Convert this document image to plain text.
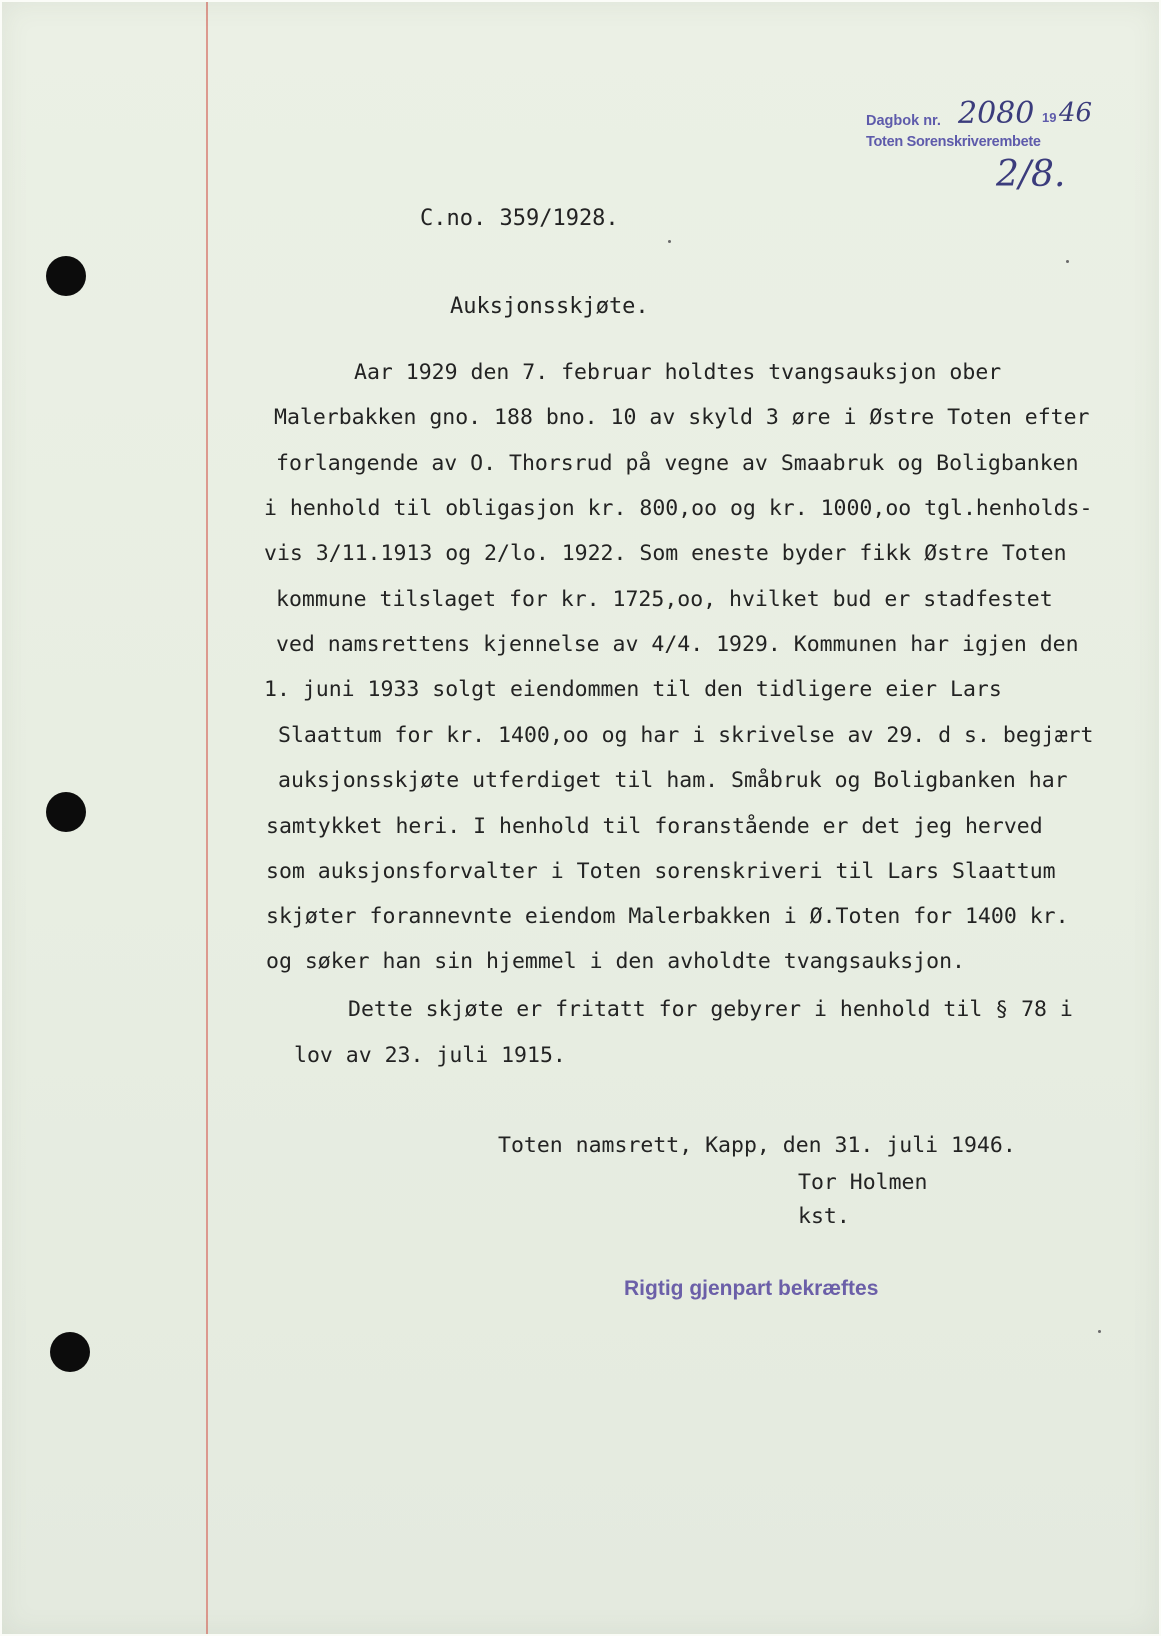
Dagbok nr. 2080 19 46
Toten Sorenskriverembete
2/8.
C.no. 359/1928.
Auksjonsskjøte.
Aar 1929 den 7. februar holdtes tvangsauksjon ober
Malerbakken gno. 188 bno. 10 av skyld 3 øre i Østre Toten efter
forlangende av O. Thorsrud på vegne av Smaabruk og Boligbanken
i henhold til obligasjon kr. 800,oo og kr. 1000,oo tgl.henholds-
vis 3/11.1913 og 2/lo. 1922. Som eneste byder fikk Østre Toten
kommune tilslaget for kr. 1725,oo, hvilket bud er stadfestet
ved namsrettens kjennelse av 4/4. 1929. Kommunen har igjen den
1. juni 1933 solgt eiendommen til den tidligere eier Lars
Slaattum for kr. 1400,oo og har i skrivelse av 29. d s. begjært
auksjonsskjøte utferdiget til ham. Småbruk og Boligbanken har
samtykket heri. I henhold til foranstående er det jeg herved
som auksjonsforvalter i Toten sorenskriveri til Lars Slaattum
skjøter forannevnte eiendom Malerbakken i Ø.Toten for 1400 kr.
og søker han sin hjemmel i den avholdte tvangsauksjon.
Dette skjøte er fritatt for gebyrer i henhold til § 78 i
lov av 23. juli 1915.
Toten namsrett, Kapp, den 31. juli 1946.
Tor Holmen
kst.
Rigtig gjenpart bekræftes
